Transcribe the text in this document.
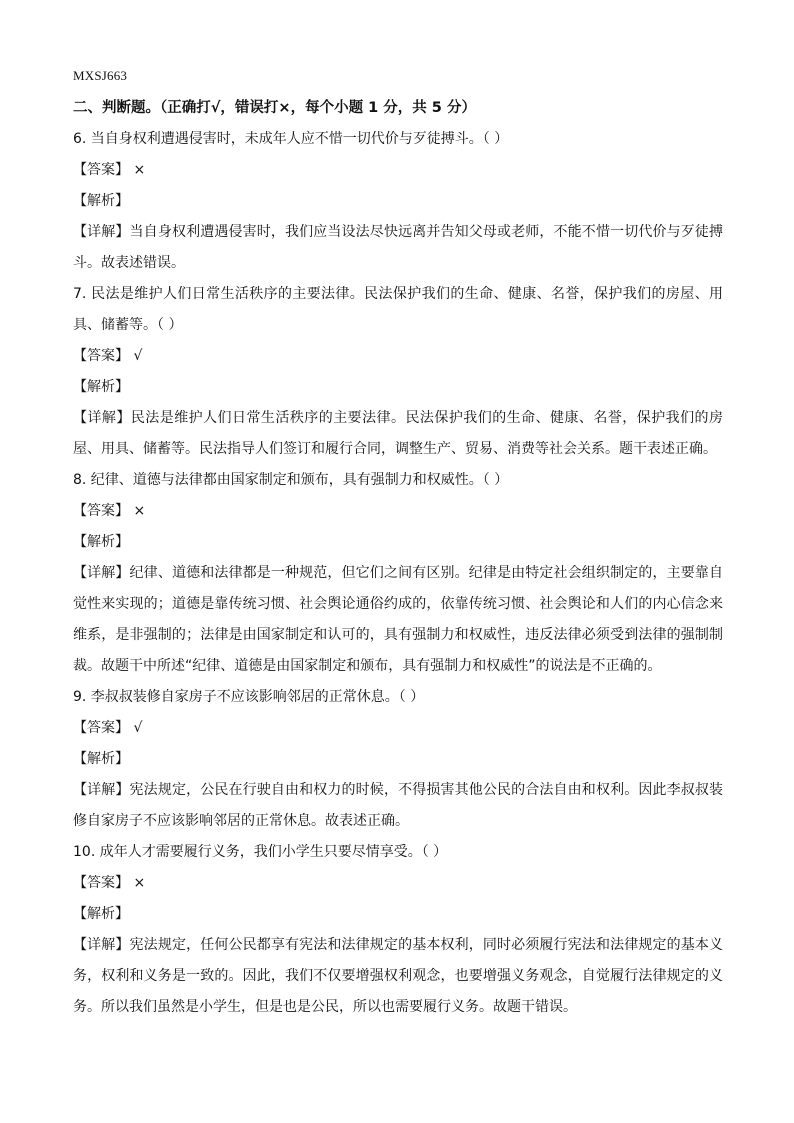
MXSJ663
二、判断题。（正确打√，错误打×，每个小题 1 分，共 5 分）
6. 当自身权利遭遇侵害时，未成年人应不惜一切代价与歹徒搏斗。（ ）
【答案】 ×
【解析】
【详解】当自身权利遭遇侵害时，我们应当设法尽快远离并告知父母或老师，不能不惜一切代价与歹徒搏斗。故表述错误。
7. 民法是维护人们日常生活秩序的主要法律。民法保护我们的生命、健康、名誉，保护我们的房屋、用具、储蓄等。（ ）
【答案】 √
【解析】
【详解】民法是维护人们日常生活秩序的主要法律。民法保护我们的生命、健康、名誉，保护我们的房屋、用具、储蓄等。民法指导人们签订和履行合同，调整生产、贸易、消费等社会关系。题干表述正确。
8. 纪律、道德与法律都由国家制定和颁布，具有强制力和权威性。（ ）
【答案】 ×
【解析】
【详解】纪律、道德和法律都是一种规范，但它们之间有区别。纪律是由特定社会组织制定的，主要靠自觉性来实现的；道德是靠传统习惯、社会舆论通俗约成的，依靠传统习惯、社会舆论和人们的内心信念来维系，是非强制的；法律是由国家制定和认可的，具有强制力和权威性，违反法律必须受到法律的强制制裁。故题干中所述“纪律、道德是由国家制定和颁布，具有强制力和权威性”的说法是不正确的。
9. 李叔叔装修自家房子不应该影响邻居的正常休息。（ ）
【答案】 √
【解析】
【详解】宪法规定，公民在行驶自由和权力的时候，不得损害其他公民的合法自由和权利。因此李叔叔装修自家房子不应该影响邻居的正常休息。故表述正确。
10. 成年人才需要履行义务，我们小学生只要尽情享受。（ ）
【答案】 ×
【解析】
【详解】宪法规定，任何公民都享有宪法和法律规定的基本权利，同时必须履行宪法和法律规定的基本义务，权利和义务是一致的。因此，我们不仅要增强权利观念，也要增强义务观念，自觉履行法律规定的义务。所以我们虽然是小学生，但是也是公民，所以也需要履行义务。故题干错误。
